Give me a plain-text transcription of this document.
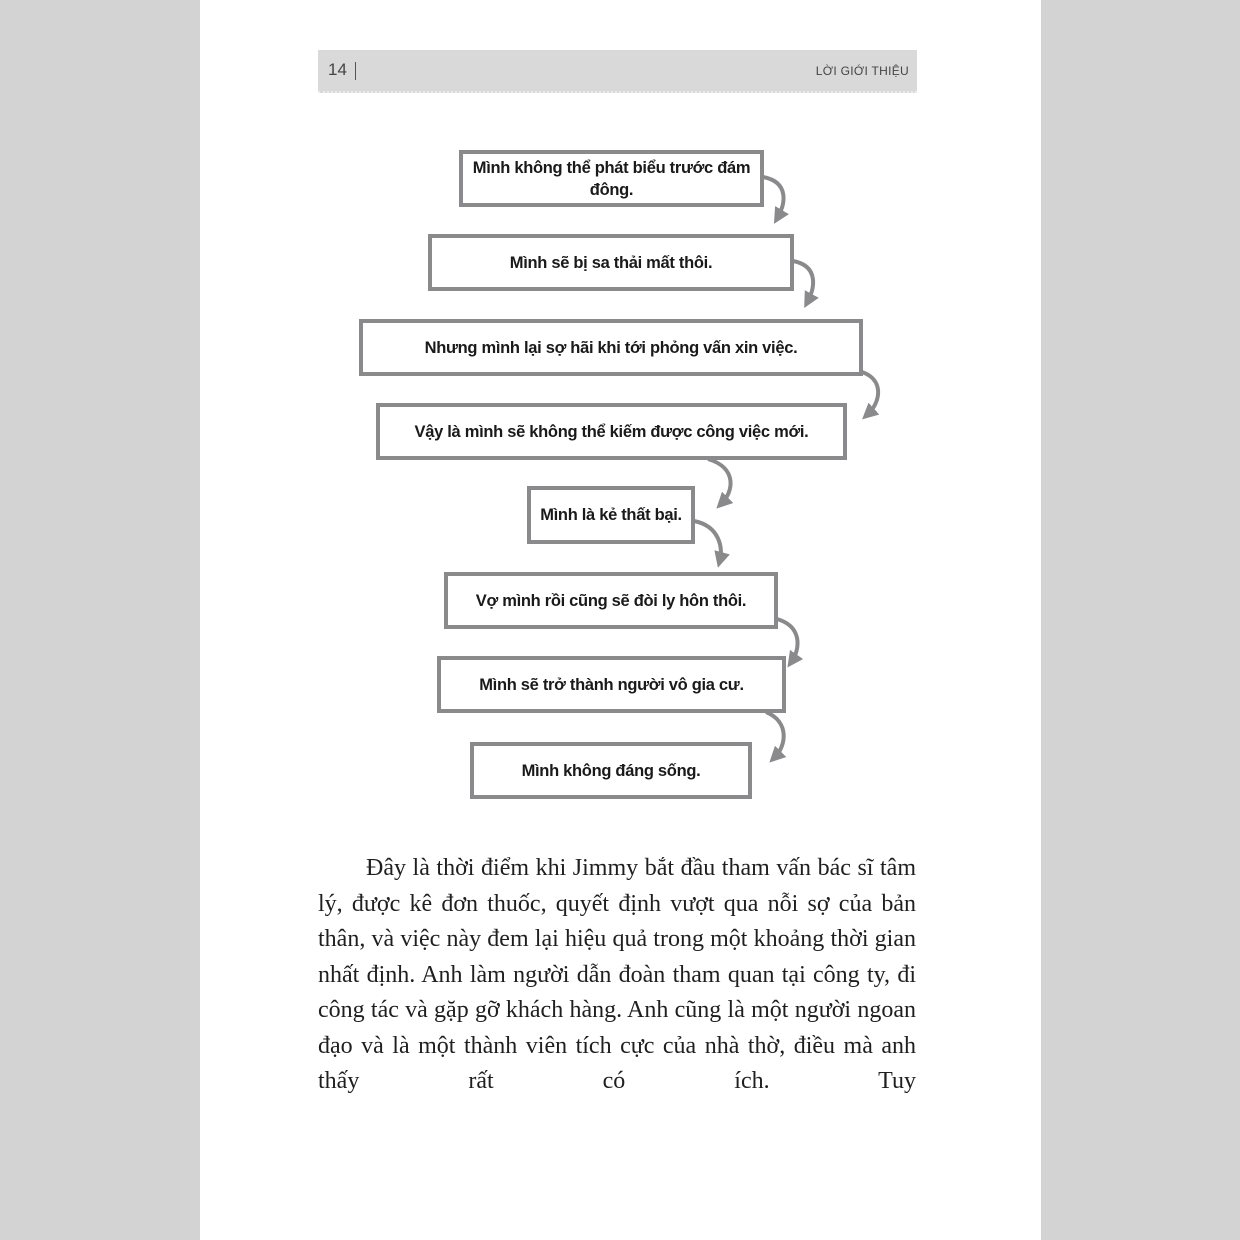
14	LỜI GIỚI THIỆU
Mình không thể phát biểu trước đám đông.
Mình sẽ bị sa thải mất thôi.
Nhưng mình lại sợ hãi khi tới phỏng vấn xin việc.
Vậy là mình sẽ không thể kiếm được công việc mới.
Mình là kẻ thất bại.
Vợ mình rồi cũng sẽ đòi ly hôn thôi.
Mình sẽ trở thành người vô gia cư.
Mình không đáng sống.

Đây là thời điểm khi Jimmy bắt đầu tham vấn bác sĩ tâm lý, được kê đơn thuốc, quyết định vượt qua nỗi sợ của bản thân, và việc này đem lại hiệu quả trong một khoảng thời gian nhất định. Anh làm người dẫn đoàn tham quan tại công ty, đi công tác và gặp gỡ khách hàng. Anh cũng là một người ngoan đạo và là một thành viên tích cực của nhà thờ, điều mà anh thấy rất có ích. Tuy
